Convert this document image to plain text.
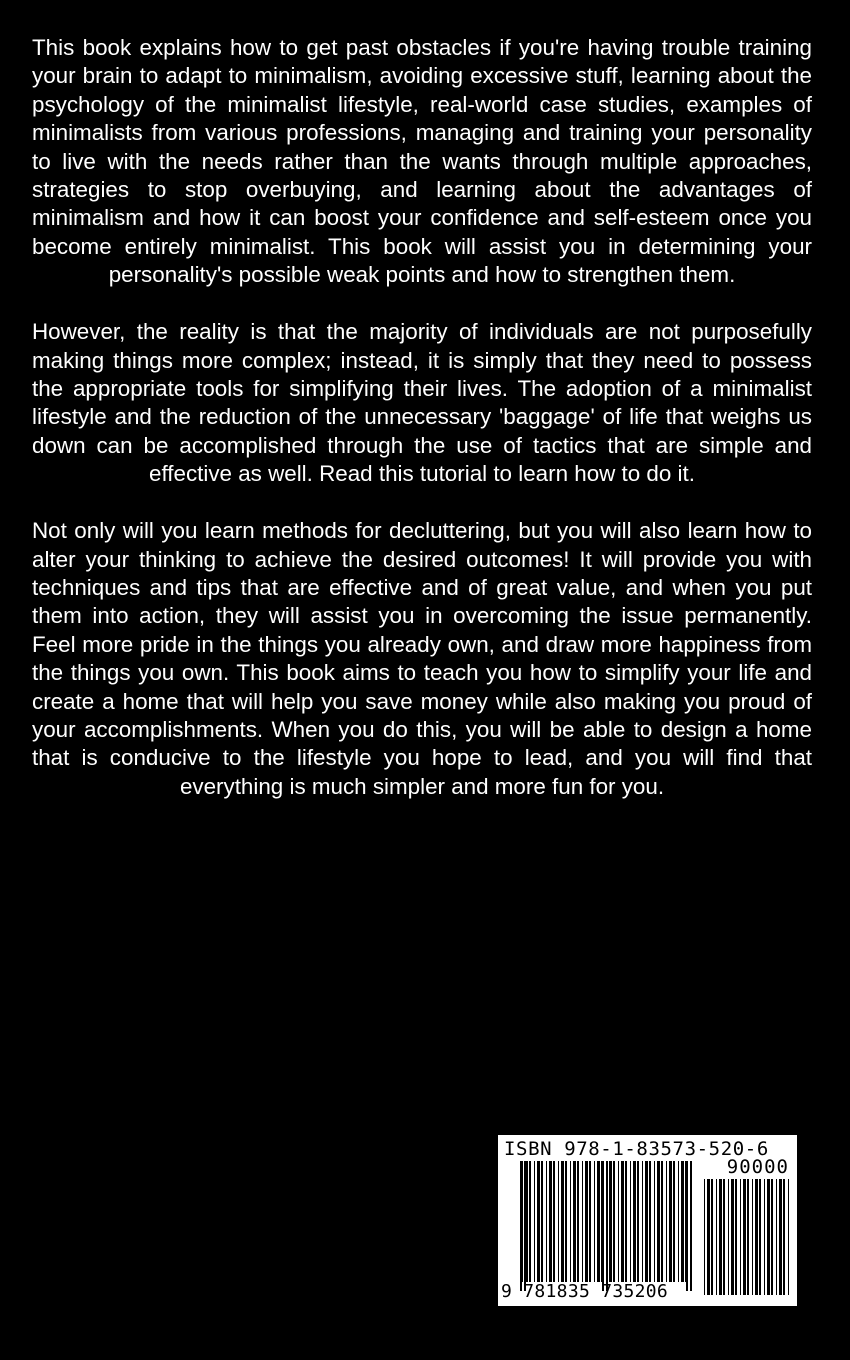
This book explains how to get past obstacles if you're having trouble training your brain to adapt to minimalism, avoiding excessive stuff, learning about the psychology of the minimalist lifestyle, real-world case studies, examples of minimalists from various professions, managing and training your personality to live with the needs rather than the wants through multiple approaches, strategies to stop overbuying, and learning about the advantages of minimalism and how it can boost your confidence and self-esteem once you become entirely minimalist. This book will assist you in determining your personality's possible weak points and how to strengthen them.

However, the reality is that the majority of individuals are not purposefully making things more complex; instead, it is simply that they need to possess the appropriate tools for simplifying their lives. The adoption of a minimalist lifestyle and the reduction of the unnecessary 'baggage' of life that weighs us down can be accomplished through the use of tactics that are simple and effective as well. Read this tutorial to learn how to do it.

Not only will you learn methods for decluttering, but you will also learn how to alter your thinking to achieve the desired outcomes! It will provide you with techniques and tips that are effective and of great value, and when you put them into action, they will assist you in overcoming the issue permanently. Feel more pride in the things you already own, and draw more happiness from the things you own. This book aims to teach you how to simplify your life and create a home that will help you save money while also making you proud of your accomplishments. When you do this, you will be able to design a home that is conducive to the lifestyle you hope to lead, and you will find that everything is much simpler and more fun for you.

ISBN 978-1-83573-520-6
90000
9 781835 735206
